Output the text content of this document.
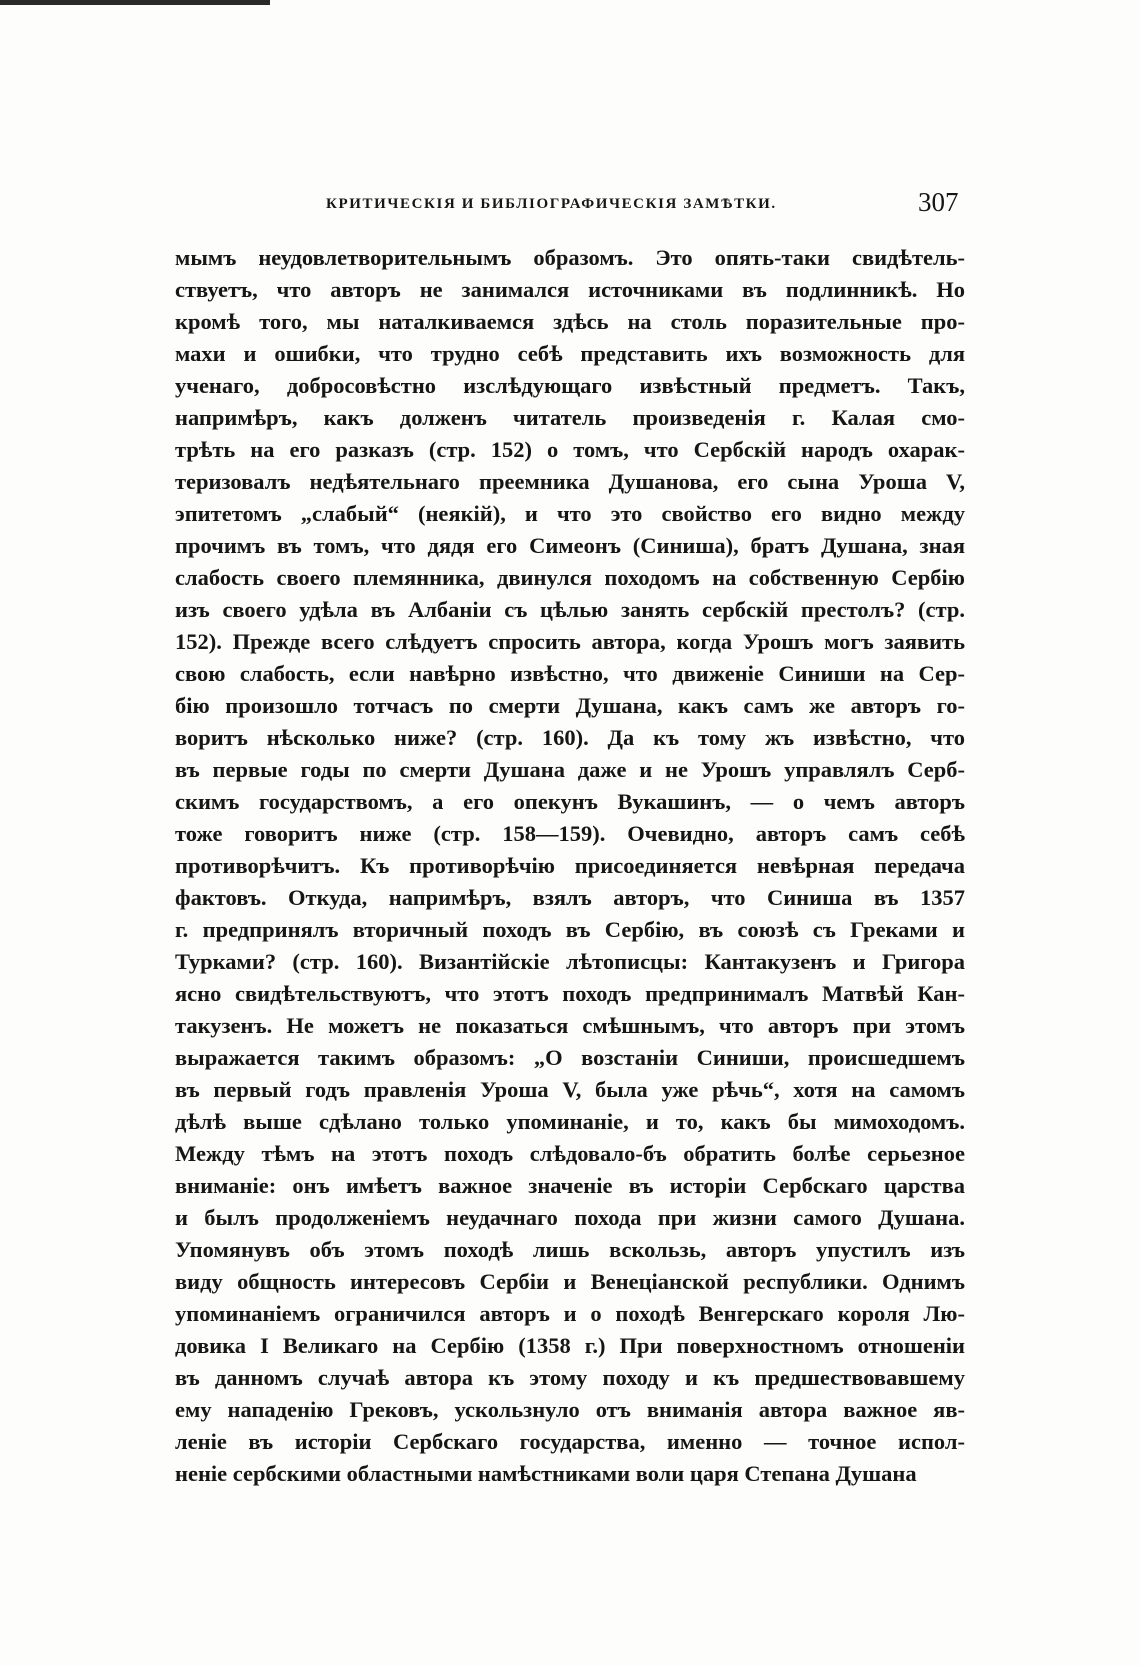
КРИТИЧЕСКІЯ И БИБЛІОГРАФИЧЕСКІЯ ЗАМѢТКИ.	307
мымъ неудовлетворительнымъ образомъ. Это опять-таки свидѣтель-
ствуетъ, что авторъ не занимался источниками въ подлинникѣ. Но
кромѣ того, мы наталкиваемся здѣсь на столь поразительные про-
махи и ошибки, что трудно себѣ представить ихъ возможность для
ученаго, добросовѣстно изслѣдующаго извѣстный предметъ. Такъ,
напримѣръ, какъ долженъ читатель произведенія г. Калая смо-
трѣть на его разказъ (стр. 152) о томъ, что Сербскій народъ охарак-
теризовалъ недѣятельнаго преемника Душанова, его сына Уроша V,
эпитетомъ „слабый“ (неякій), и что это свойство его видно между
прочимъ въ томъ, что дядя его Симеонъ (Синиша), братъ Душана, зная
слабость своего племянника, двинулся походомъ на собственную Сербію
изъ своего удѣла въ Албаніи съ цѣлью занять сербскій престолъ? (стр.
152). Прежде всего слѣдуетъ спросить автора, когда Урошъ могъ заявить
свою слабость, если навѣрно извѣстно, что движеніе Синиши на Сер-
бію произошло тотчасъ по смерти Душана, какъ самъ же авторъ го-
воритъ нѣсколько ниже? (стр. 160). Да къ тому жъ извѣстно, что
въ первые годы по смерти Душана даже и не Урошъ управлялъ Серб-
скимъ государствомъ, а его опекунъ Вукашинъ, — о чемъ авторъ
тоже говоритъ ниже (стр. 158—159). Очевидно, авторъ самъ себѣ
противорѣчитъ. Къ противорѣчію присоединяется невѣрная передача
фактовъ. Откуда, напримѣръ, взялъ авторъ, что Синиша въ 1357
г. предпринялъ вторичный походъ въ Сербію, въ союзѣ съ Греками и
Турками? (стр. 160). Византійскіе лѣтописцы: Кантакузенъ и Григора
ясно свидѣтельствуютъ, что этотъ походъ предпринималъ Матвѣй Кан-
такузенъ. Не можетъ не показаться смѣшнымъ, что авторъ при этомъ
выражается такимъ образомъ: „О возстаніи Синиши, происшедшемъ
въ первый годъ правленія Уроша V, была уже рѣчь“, хотя на самомъ
дѣлѣ выше сдѣлано только упоминаніе, и то, какъ бы мимоходомъ.
Между тѣмъ на этотъ походъ слѣдовало-бъ обратить болѣе серьезное
вниманіе: онъ имѣетъ важное значеніе въ исторіи Сербскаго царства
и былъ продолженіемъ неудачнаго похода при жизни самого Душана.
Упомянувъ объ этомъ походѣ лишь вскользь, авторъ упустилъ изъ
виду общность интересовъ Сербіи и Венеціанской республики. Однимъ
упоминаніемъ ограничился авторъ и о походѣ Венгерскаго короля Лю-
довика I Великаго на Сербію (1358 г.) При поверхностномъ отношеніи
въ данномъ случаѣ автора къ этому походу и къ предшествовавшему
ему нападенію Грековъ, ускользнуло отъ вниманія автора важное яв-
леніе въ исторіи Сербскаго государства, именно — точное испол-
неніе сербскими областными намѣстниками воли царя Степана Душана
